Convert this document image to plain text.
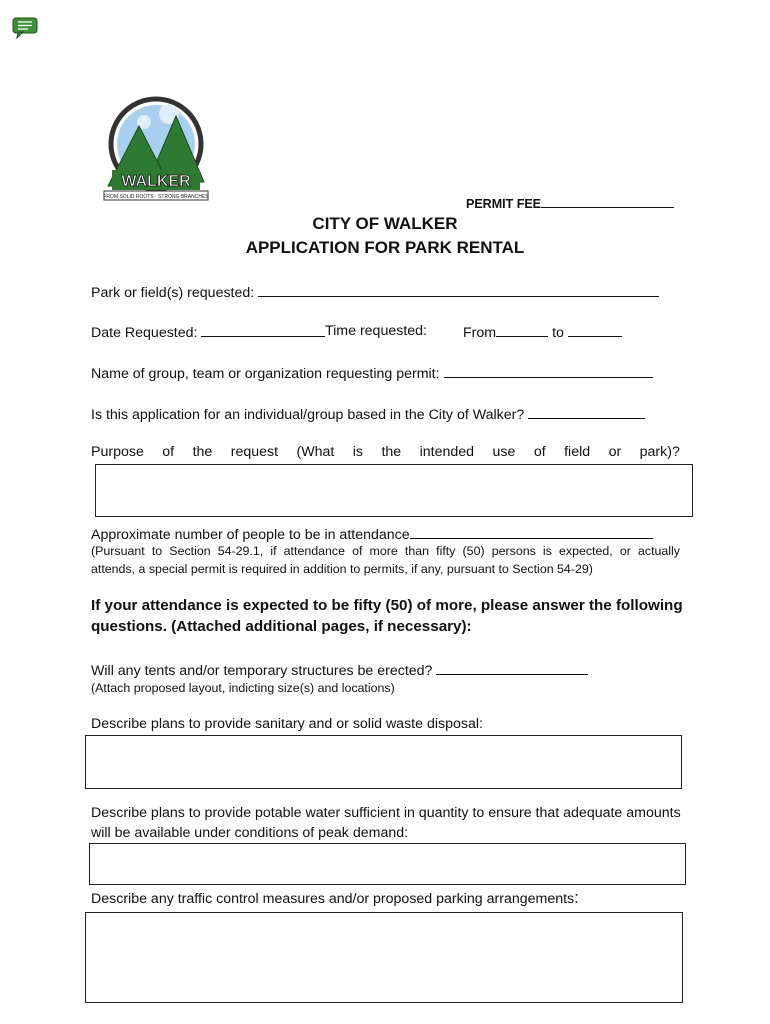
WALKER
FROM SOLID ROOTS · STRONG BRANCHES	PERMIT FEE
CITY OF WALKER
APPLICATION FOR PARK RENTAL
Park or field(s) requested:
Date Requested:	Time requested:	From	to
Name of group, team or organization requesting permit:
Is this application for an individual/group based in the City of Walker?
Purpose of the request (What is the intended use of field or park)?
Approximate number of people to be in attendance
(Pursuant to Section 54-29.1, if attendance of more than fifty (50) persons is expected, or actually
attends, a special permit is required in addition to permits, if any, pursuant to Section 54-29)
If your attendance is expected to be fifty (50) of more, please answer the following
questions. (Attached additional pages, if necessary):
Will any tents and/or temporary structures be erected?
(Attach proposed layout, indicting size(s) and locations)
Describe plans to provide sanitary and or solid waste disposal:
Describe plans to provide potable water sufficient in quantity to ensure that adequate amounts
will be available under conditions of peak demand:
Describe any traffic control measures and/or proposed parking arrangements:
